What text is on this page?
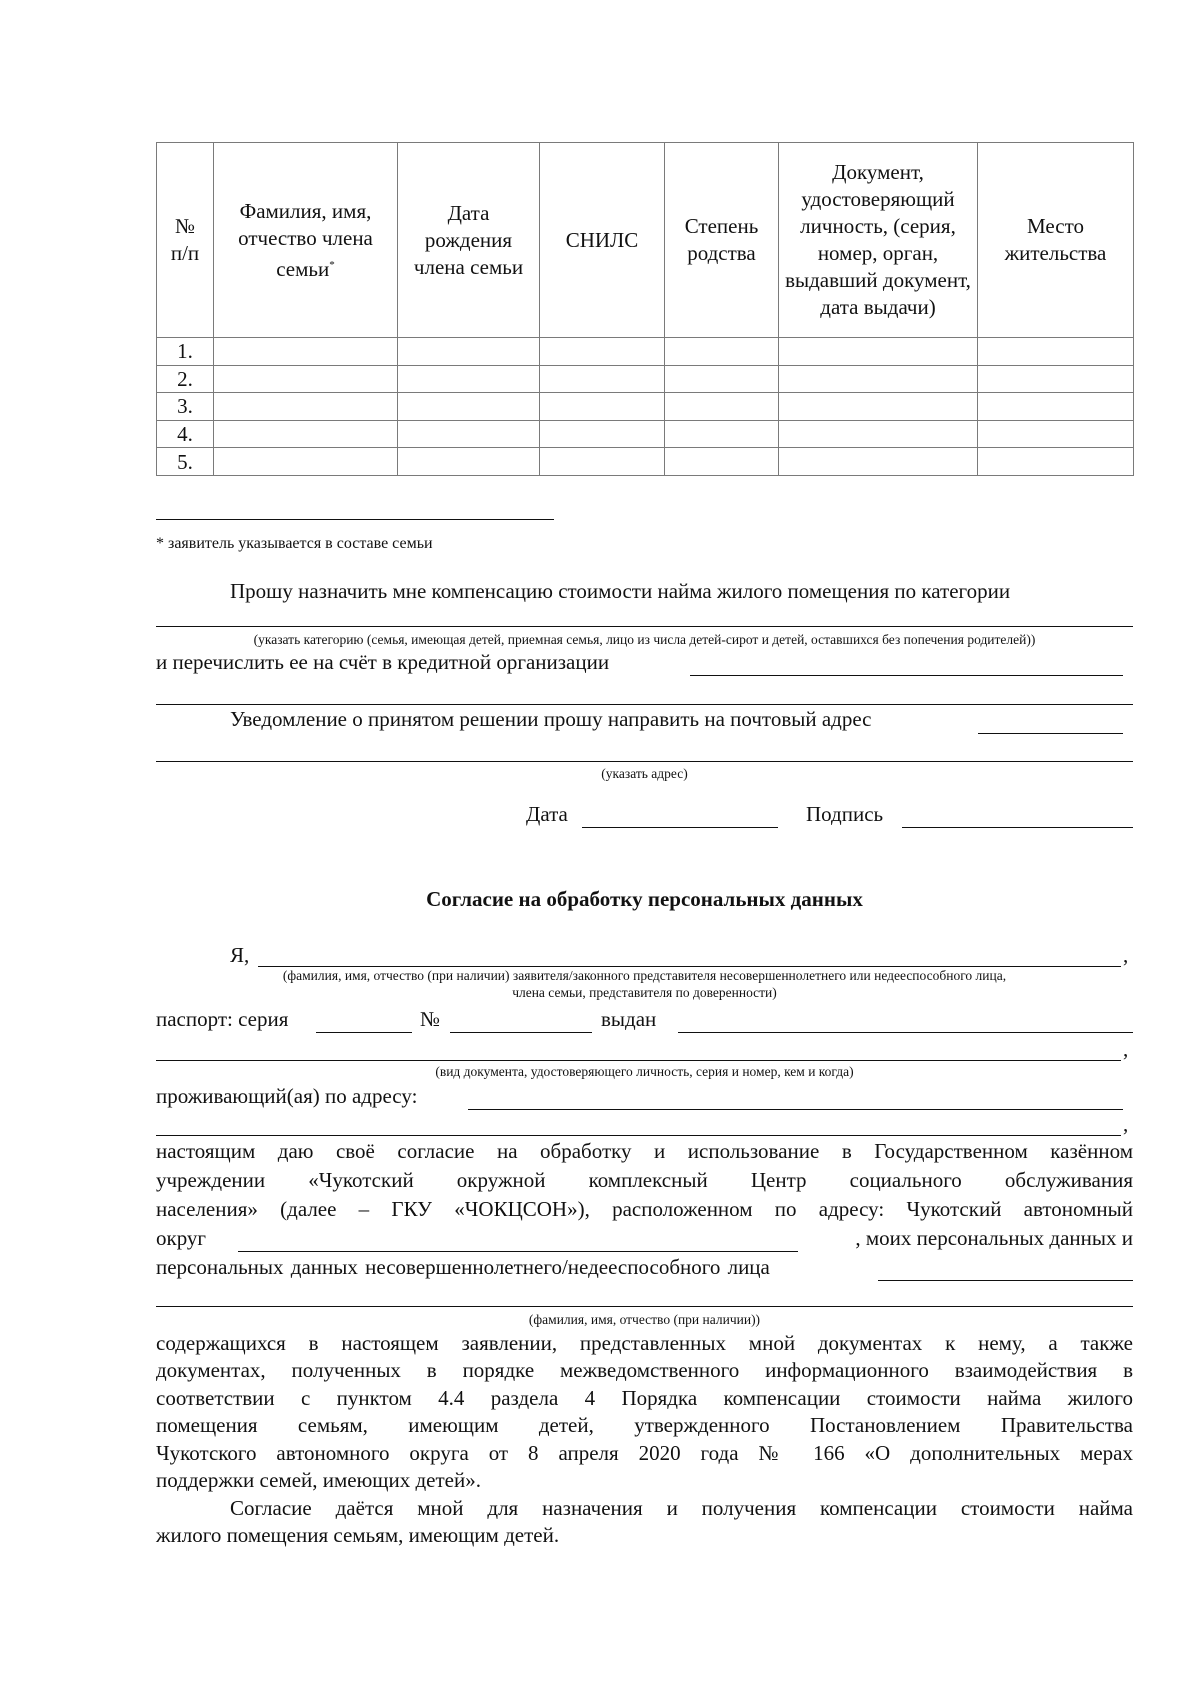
№ п/п	Фамилия, имя, отчество члена семьи*	Дата рождения члена семьи	СНИЛС	Степень родства	Документ, удостоверяющий личность, (серия, номер, орган, выдавший документ, дата выдачи)	Место жительства
1.						
2.						
3.						
4.						
5.						
* заявитель указывается в составе семьи
Прошу назначить мне компенсацию стоимости найма жилого помещения по категории
(указать категорию (семья, имеющая детей, приемная семья, лицо из числа детей-сирот и детей, оставшихся без попечения родителей))
и перечислить ее на счёт в кредитной организации
Уведомление о принятом решении прошу направить на почтовый адрес
(указать адрес)
Дата	Подпись
Согласие на обработку персональных данных
Я,	,
(фамилия, имя, отчество (при наличии) заявителя/законного представителя несовершеннолетнего или недееспособного лица,
члена семьи, представителя по доверенности)
паспорт: серия	№	выдан
,
(вид документа, удостоверяющего личность, серия и номер, кем и когда)
проживающий(ая) по адресу:
,
настоящим даю своё согласие на обработку и использование в Государственном казённом
учреждении «Чукотский окружной комплексный Центр социального обслуживания
населения» (далее – ГКУ «ЧОКЦСОН»), расположенном по адресу: Чукотский автономный
округ	, моих персональных данных и
персональных данных несовершеннолетнего/недееспособного лица
(фамилия, имя, отчество (при наличии))
содержащихся в настоящем заявлении, представленных мной документах к нему, а также
документах, полученных в порядке межведомственного информационного взаимодействия в
соответствии с пунктом 4.4 раздела 4 Порядка компенсации стоимости найма жилого
помещения семьям, имеющим детей, утвержденного Постановлением Правительства
Чукотского автономного округа от 8 апреля 2020 года № 166 «О дополнительных мерах
поддержки семей, имеющих детей».
Согласие даётся мной для назначения и получения компенсации стоимости найма
жилого помещения семьям, имеющим детей.
